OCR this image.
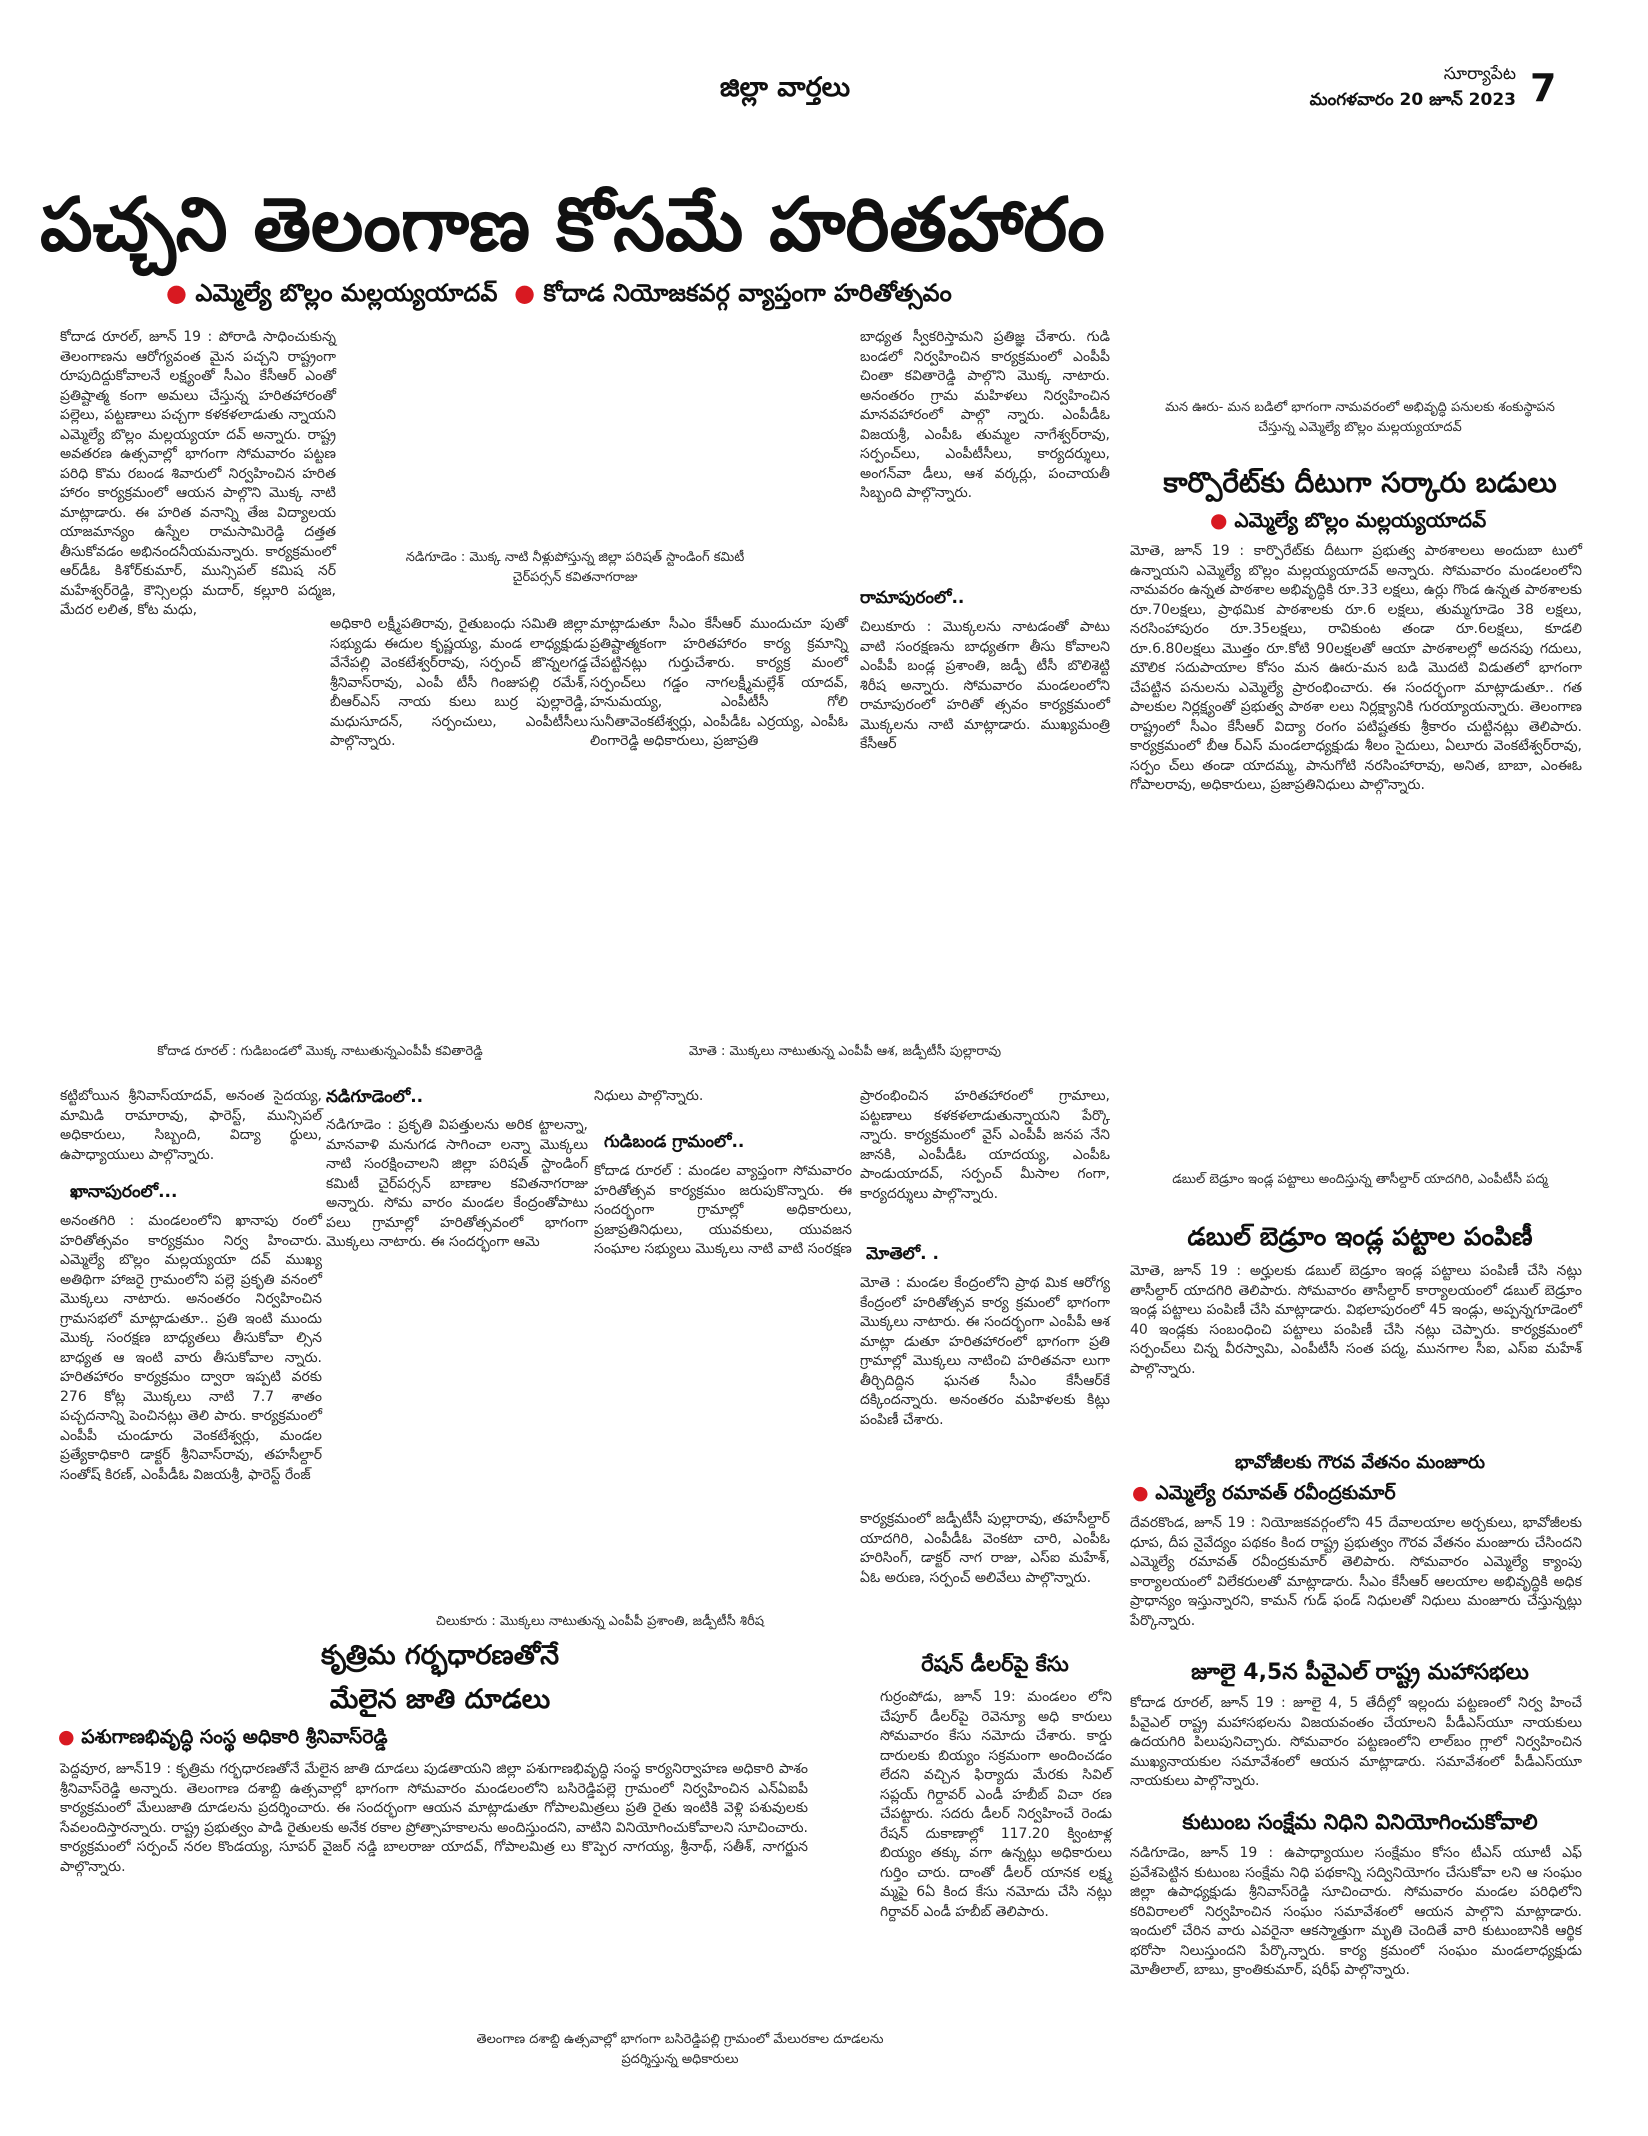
జిల్లా వార్తలు	సూర్యాపేట
మంగళవారం 20 జూన్ 2023 7
పచ్చని తెలంగాణ కోసమే హరితహారం
● ఎమ్మెల్యే బొల్లం మల్లయ్యయాదవ్ ● కోదాడ నియోజకవర్గ వ్యాప్తంగా హరితోత్సవం
కోదాడ రూరల్‌, జూన్‌ 19 : పోరాడి సాధించుకున్న తెలంగాణను ఆరోగ్యవంత మైన పచ్చని రాష్ట్రంగా రూపుదిద్దుకోవాలనే లక్ష్యంతో సీఎం కేసీఆర్‌ ఎంతో ప్రతిష్టాత్మ కంగా అమలు చేస్తున్న హరితహారంతో పల్లెలు, పట్టణాలు పచ్చగా కళకళలాడుతు న్నాయని ఎమ్మెల్యే బొల్లం మల్లయ్యయా దవ్‌ అన్నారు. రాష్ట్ర అవతరణ ఉత్సవాల్లో భాగంగా సోమవారం పట్టణ పరిధి కొమ రబండ శివారులో నిర్వహించిన హరిత హారం కార్యక్రమంలో ఆయన పాల్గొని మొక్క నాటి మాట్లాడారు. ఈ హరిత వనాన్ని తేజ విద్యాలయ యాజమాన్యం ఉస్నేల రామసామిరెడ్డి దత్తత తీసుకోవడం అభినందనీయమన్నారు. కార్యక్రమంలో ఆర్‌డీఓ కిశోర్‌కుమార్‌, మున్సిపల్‌ కమిష నర్‌ మహేశ్వర్‌రెడ్డి, కౌన్సిలర్లు మదార్‌, కల్లూరి పద్మజ, మేదర లలిత, కోట మధు,
నడిగూడెం : మొక్క నాటి నీళ్లుపోస్తున్న జిల్లా పరిషత్‌ స్టాండింగ్‌ కమిటీ చైర్‌పర్సన్‌ కవితనాగరాజు
అధికారి లక్ష్మీపతిరావు, రైతుబంధు సమితి జిల్లా సభ్యుడు ఈదుల కృష్ణయ్య, మండ లాధ్యక్షుడు వేనేపల్లి వెంకటేశ్వర్‌రావు, సర్పంచ్‌ జొన్నలగడ్డ శ్రీనివాస్‌రావు, ఎంపీ టీసీ గింజుపల్లి రమేశ్‌, బీఆర్‌ఎస్‌ నాయ కులు బుర్ర పుల్లారెడ్డి, మధుసూదన్‌, సర్పంచులు, ఎంపీటీసీలు పాల్గొన్నారు.
మాట్లాడుతూ సీఎం కేసీఆర్‌ ముందుచూ పుతో ప్రతిష్టాత్మకంగా హరితహారం కార్య క్రమాన్ని చేపట్టినట్లు గుర్తుచేశారు. కార్యక్ర మంలో సర్పంచ్‌లు గడ్డం నాగలక్ష్మీమల్లేశ్‌ యాదవ్‌, హనుమయ్య, ఎంపీటీసీ గోలి సునీతావెంకటేశ్వర్లు, ఎంపీడీఓ ఎర్రయ్య, ఎంపీఓ లింగారెడ్డి అధికారులు, ప్రజాప్రతి
బాధ్యత స్వీకరిస్తామని ప్రతిజ్ఞ చేశారు. గుడి బండలో నిర్వహించిన కార్యక్రమంలో ఎంపీపీ చింతా కవితారెడ్డి పాల్గొని మొక్క నాటారు. అనంతరం గ్రామ మహిళలు నిర్వహించిన మానవహారంలో పాల్గొ న్నారు. ఎంపీడీఓ విజయశ్రీ, ఎంపీఓ తుమ్మల నాగేశ్వర్‌రావు, సర్పంచ్‌లు, ఎంపీటీసీలు, కార్యదర్శులు, అంగన్‌వా డీలు, ఆశ వర్కర్లు, పంచాయతీ సిబ్బంది పాల్గొన్నారు.
రామాపురంలో..
చిలుకూరు : మొక్కలను నాటడంతో పాటు వాటి సంరక్షణను బాధ్యతగా తీసు కోవాలని ఎంపీపీ బండ్ల ప్రశాంతి, జడ్పీ టీసీ బొలిశెట్టి శిరీష అన్నారు. సోమవారం మండలంలోని రామాపురంలో హరితో త్సవం కార్యక్రమంలో మొక్కలను నాటి మాట్లాడారు. ముఖ్యమంత్రి కేసీఆర్‌
కోదాడ రూరల్‌ : గుడిబండలో మొక్క నాటుతున్నఎంపీపీ కవితారెడ్డి	మోతె : మొక్కలు నాటుతున్న ఎంపీపీ ఆశ, జడ్పీటీసీ పుల్లారావు
మన ఊరు- మన బడిలో భాగంగా నామవరంలో అభివృద్ధి పనులకు శంకుస్థాపన చేస్తున్న ఎమ్మెల్యే బొల్లం మల్లయ్యయాదవ్‌
కార్పొరేట్‌కు దీటుగా సర్కారు బడులు
● ఎమ్మెల్యే బొల్లం మల్లయ్యయాదవ్‌
మోతె, జూన్‌ 19 : కార్పొరేట్‌కు దీటుగా ప్రభుత్వ పాఠశాలలు అందుబా టులో ఉన్నాయని ఎమ్మెల్యే బొల్లం మల్లయ్యయాదవ్‌ అన్నారు. సోమవారం మండలంలోని నామవరం ఉన్నత పాఠశాల అభివృద్ధికి రూ.33 లక్షలు, ఉర్లు గొండ ఉన్నత పాఠశాలకు రూ.70లక్షలు, ప్రాథమిక పాఠశాలకు రూ.6 లక్షలు, తుమ్మగూడెం 38 లక్షలు, నరసింహాపురం రూ.35లక్షలు, రావికుంట తండా రూ.6లక్షలు, కూడలి రూ.6.80లక్షలు మొత్తం రూ.కోటి 90లక్షలతో ఆయా పాఠశాలల్లో అదనపు గదులు, మౌలిక సదుపాయాల కోసం మన ఊరు-మన బడి మొదటి విడుతలో భాగంగా చేపట్టిన పనులను ఎమ్మెల్యే ప్రారంభించారు. ఈ సందర్భంగా మాట్లాడుతూ.. గత పాలకుల నిర్లక్ష్యంతో ప్రభుత్వ పాఠశా లలు నిర్లక్ష్యానికి గురయ్యాయన్నారు. తెలంగాణ రాష్ట్రంలో సీఎం కేసీఆర్‌ విద్యా రంగం పటిష్టతకు శ్రీకారం చుట్టినట్లు తెలిపారు. కార్యక్రమంలో బీఆ ర్‌ఎస్‌ మండలాధ్యక్షుడు శీలం సైదులు, ఏలూరు వెంకటేశ్వర్‌రావు, సర్పం చ్‌లు తండా యాదమ్మ, పానుగోటి నరసింహారావు, అనిత, బాబా, ఎంఈఓ గోపాలరావు, అధికారులు, ప్రజాప్రతినిధులు పాల్గొన్నారు.
కట్టిబోయిన శ్రీనివాస్‌యాదవ్‌, అనంత సైదయ్య, మామిడి రామారావు, ఫారెస్ట్‌, మున్సిపల్‌ అధికారులు, సిబ్బంది, విద్యా ర్థులు, ఉపాధ్యాయులు పాల్గొన్నారు.
ఖానాపురంలో...
అనంతగిరి : మండలంలోని ఖానాపు రంలో హరితోత్సవం కార్యక్రమం నిర్వ హించారు. ఎమ్మెల్యే బొల్లం మల్లయ్యయా దవ్‌ ముఖ్య అతిథిగా హాజరై గ్రామంలోని పల్లె ప్రకృతి వనంలో మొక్కలు నాటారు. అనంతరం నిర్వహించిన గ్రామసభలో మాట్లాడుతూ.. ప్రతి ఇంటి ముందు మొక్క సంరక్షణ బాధ్యతలు తీసుకోవా ల్సిన బాధ్యత ఆ ఇంటి వారు తీసుకోవాల న్నారు. హరితహారం కార్యక్రమం ద్వారా ఇప్పటి వరకు 276 కోట్ల మొక్కలు నాటి 7.7 శాతం పచ్చదనాన్ని పెంచినట్లు తెలి పారు. కార్యక్రమంలో ఎంపీపీ చుండూరు వెంకటేశ్వర్లు, మండల ప్రత్యేకాధికారి డాక్టర్‌ శ్రీనివాస్‌రావు, తహసీల్దార్‌ సంతోష్‌ కిరణ్‌, ఎంపీడీఓ విజయశ్రీ, ఫారెస్ట్‌ రేంజ్‌
నడిగూడెంలో..
నడిగూడెం : ప్రకృతి విపత్తులను అరిక ట్టాలన్నా, మానవాళి మనుగడ సాగించా లన్నా మొక్కలు నాటి సంరక్షించాలని జిల్లా పరిషత్‌ స్టాండింగ్‌ కమిటీ చైర్‌పర్సన్‌ బాణాల కవితనాగరాజు అన్నారు. సోమ వారం మండల కేంద్రంతోపాటు పలు గ్రామాల్లో హరితోత్సవంలో భాగంగా మొక్కలు నాటారు. ఈ సందర్భంగా ఆమె
నిధులు పాల్గొన్నారు.
గుడిబండ గ్రామంలో..
కోదాడ రూరల్‌ : మండల వ్యాప్తంగా సోమవారం హరితోత్సవ కార్యక్రమం జరుపుకొన్నారు. ఈ సందర్భంగా గ్రామాల్లో అధికారులు, ప్రజాప్రతినిధులు, యువకులు, యువజన సంఘాల సభ్యులు మొక్కలు నాటి వాటి సంరక్షణ
ప్రారంభించిన హరితహారంలో గ్రామాలు, పట్టణాలు కళకళలాడుతున్నాయని పేర్కొ న్నారు. కార్యక్రమంలో వైస్‌ ఎంపీపీ జనప నేని జానకి, ఎంపీడీఓ యాదయ్య, ఎంపీఓ పాండుయాదవ్‌, సర్పంచ్‌ మీసాల గంగా, కార్యదర్శులు పాల్గొన్నారు.
మోతెలో. .
మోతె : మండల కేంద్రంలోని ప్రాథ మిక ఆరోగ్య కేంద్రంలో హరితోత్సవ కార్య క్రమంలో భాగంగా మొక్కలు నాటారు. ఈ సందర్భంగా ఎంపీపీ ఆశ మాట్లా డుతూ హరితహారంలో భాగంగా ప్రతి గ్రామాల్లో మొక్కలు నాటించి హరితవనా లుగా తీర్చిదిద్దిన ఘనత సీఎం కేసీఆర్‌కే దక్కిందన్నారు. అనంతరం మహిళలకు కిట్లు పంపిణీ చేశారు.
కార్యక్రమంలో జడ్పీటీసీ పుల్లారావు, తహసీల్దార్‌ యాదగిరి, ఎంపీడీఓ వెంకటా చారి, ఎంపీఓ హరిసింగ్‌, డాక్టర్‌ నాగ రాజు, ఎస్‌ఐ మహేశ్‌, ఏఓ అరుణ, సర్పంచ్‌ అలివేలు పాల్గొన్నారు.
చిలుకూరు : మొక్కలు నాటుతున్న ఎంపీపీ ప్రశాంతి, జడ్పీటీసీ శిరీష
డబుల్‌ బెడ్రూం ఇండ్ల పట్టాలు అందిస్తున్న తాసీల్దార్‌ యాదగిరి, ఎంపీటీసీ పద్మ
డబుల్‌ బెడ్రూం ఇండ్ల పట్టాల పంపిణీ
మోతె, జూన్‌ 19 : అర్హులకు డబుల్‌ బెడ్రూం ఇండ్ల పట్టాలు పంపిణీ చేసి నట్లు తాసీల్దార్‌ యాదగిరి తెలిపారు. సోమవారం తాసీల్దార్‌ కార్యాలయంలో డబుల్‌ బెడ్రూం ఇండ్ల పట్టాలు పంపిణీ చేసి మాట్లాడారు. విభలాపురంలో 45 ఇండ్లు, అప్పన్నగూడెంలో 40 ఇండ్లకు సంబంధించి పట్టాలు పంపిణీ చేసి నట్లు చెప్పారు. కార్యక్రమంలో సర్పంచ్‌లు చిన్న వీరస్వామి, ఎంపీటీసీ సంత పద్మ, మునగాల సీఐ, ఎస్‌ఐ మహేశ్‌ పాల్గొన్నారు.
భావోజీలకు గౌరవ వేతనం మంజూరు
● ఎమ్మెల్యే రమావత్‌ రవీంద్రకుమార్‌
దేవరకొండ, జూన్‌ 19 : నియోజకవర్గంలోని 45 దేవాలయాల అర్చకులు, భావోజీలకు ధూప, దీప నైవేద్యం పథకం కింద రాష్ట్ర ప్రభుత్వం గౌరవ వేతనం మంజూరు చేసిందని ఎమ్మెల్యే రమావత్‌ రవీంద్రకుమార్‌ తెలిపారు. సోమవారం ఎమ్మెల్యే క్యాంపు కార్యాలయంలో విలేకరులతో మాట్లాడారు. సీఎం కేసీఆర్‌ ఆలయాల అభివృద్ధికి అధిక ప్రాధాన్యం ఇస్తున్నారని, కామన్‌ గుడ్‌ ఫండ్‌ నిధులతో నిధులు మంజూరు చేస్తున్నట్లు పేర్కొన్నారు.
జూలై 4,5న పీవైఎల్‌ రాష్ట్ర మహాసభలు
కోదాడ రూరల్‌, జూన్‌ 19 : జూలై 4, 5 తేదీల్లో ఇల్లందు పట్టణంలో నిర్వ హించే పీవైఎల్‌ రాష్ట్ర మహాసభలను విజయవంతం చేయాలని పీడీఎస్‌యూ నాయకులు ఉదయగిరి పిలుపునిచ్చారు. సోమవారం పట్టణంలోని లాల్‌బం గ్లాలో నిర్వహించిన ముఖ్యనాయకుల సమావేశంలో ఆయన మాట్లాడారు. సమావేశంలో పీడీఎస్‌యూ నాయకులు పాల్గొన్నారు.
కుటుంబ సంక్షేమ నిధిని వినియోగించుకోవాలి
నడిగూడెం, జూన్‌ 19 : ఉపాధ్యాయుల సంక్షేమం కోసం టీఎస్‌ యూటీ ఎఫ్‌ ప్రవేశపెట్టిన కుటుంబ సంక్షేమ నిధి పథకాన్ని సద్వినియోగం చేసుకోవా లని ఆ సంఘం జిల్లా ఉపాధ్యక్షుడు శ్రీనివాస్‌రెడ్డి సూచించారు. సోమవారం మండల పరిధిలోని కరివిరాలలో నిర్వహించిన సంఘం సమావేశంలో ఆయన పాల్గొని మాట్లాడారు. ఇందులో చేరిన వారు ఎవరైనా ఆకస్మాత్తుగా మృతి చెందితే వారి కుటుంబానికి ఆర్థిక భరోసా నిలుస్తుందని పేర్కొన్నారు. కార్య క్రమంలో సంఘం మండలాధ్యక్షుడు మోతీలాల్‌, బాబు, క్రాంతికుమార్‌, షరీఫ్‌ పాల్గొన్నారు.
కృత్రిమ గర్భధారణతోనే
మేలైన జాతి దూడలు
● పశుగాణభివృద్ధి సంస్థ అధికారి శ్రీనివాస్‌రెడ్డి
పెద్దవూర, జూన్‌19 : కృత్రిమ గర్భధారణతోనే మేలైన జాతి దూడలు పుడతాయని జిల్లా పశుగాణభివృద్ధి సంస్థ కార్యనిర్వాహణ అధికారి పాశం శ్రీనివాస్‌రెడ్డి అన్నారు. తెలంగాణ దశాబ్ది ఉత్సవాల్లో భాగంగా సోమవారం మండలంలోని బసిరెడ్డిపల్లె గ్రామంలో నిర్వహించిన ఎన్‌ఏఐపీ కార్యక్రమంలో మేలుజాతి దూడలను ప్రదర్శించారు. ఈ సందర్భంగా ఆయన మాట్లాడుతూ గోపాలమిత్రలు ప్రతి రైతు ఇంటికి వెళ్లి పశువులకు సేవలందిస్తారన్నారు. రాష్ట్ర ప్రభుత్వం పాడి రైతులకు అనేక రకాల ప్రోత్సాహకాలను అందిస్తుందని, వాటిని వినియోగించుకోవాలని సూచించారు. కార్యక్రమంలో సర్పంచ్‌ నరల కొండయ్య, సూపర్‌ వైజర్‌ నడ్డి బాలరాజు యాదవ్‌, గోపాలమిత్ర లు కొప్పెర నాగయ్య, శ్రీనాథ్‌, సతీశ్‌, నాగర్జున పాల్గొన్నారు.
తెలంగాణ దశాబ్ది ఉత్సవాల్లో భాగంగా బసిరెడ్డిపల్లి గ్రామంలో మేలురకాల దూడలను ప్రదర్శిస్తున్న అధికారులు
రేషన్‌ డీలర్‌పై కేసు
గుర్రంపోడు, జూన్‌ 19: మండలం లోని చేపూర్‌ డీలర్‌పై రెవెన్యూ అధి కారులు సోమవారం కేసు నమోదు చేశారు. కార్డు దారులకు బియ్యం సక్రమంగా అందించడం లేదని వచ్చిన ఫిర్యాదు మేరకు సివిల్‌ సప్లయ్‌ గిర్దావర్‌ ఎండీ హబీబ్‌ విచా రణ చేపట్టారు. సదరు డీలర్‌ నిర్వహించే రెండు రేషన్‌ దుకాణాల్లో 117.20 క్వింటాళ్ల బియ్యం తక్కు వగా ఉన్నట్లు అధికారులు గుర్తిం చారు. దాంతో డీలర్‌ యానక లక్ష్మ మ్మపై 6ఏ కింద కేసు నమోదు చేసి నట్లు గిర్దావర్‌ ఎండీ హబీబ్‌ తెలిపారు.
